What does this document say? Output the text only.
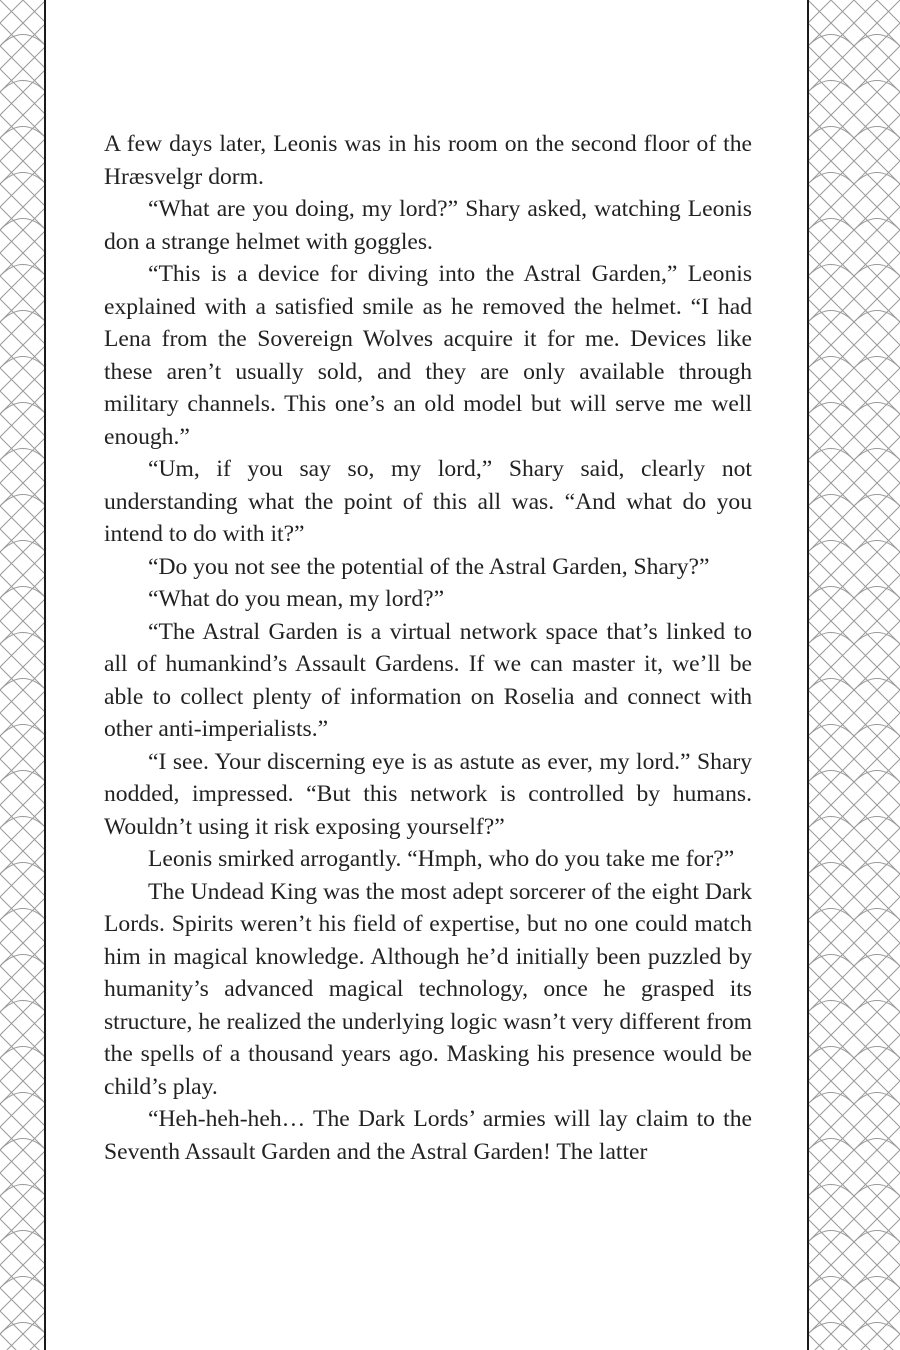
A few days later, Leonis was in his room on the second floor of the Hræsvelgr dorm.

“What are you doing, my lord?” Shary asked, watching Leonis don a strange helmet with goggles.

“This is a device for diving into the Astral Garden,” Leonis explained with a satisfied smile as he removed the helmet. “I had Lena from the Sovereign Wolves acquire it for me. Devices like these aren’t usually sold, and they are only available through military channels. This one’s an old model but will serve me well enough.”

“Um, if you say so, my lord,” Shary said, clearly not understanding what the point of this all was. “And what do you intend to do with it?”

“Do you not see the potential of the Astral Garden, Shary?”

“What do you mean, my lord?”

“The Astral Garden is a virtual network space that’s linked to all of humankind’s Assault Gardens. If we can master it, we’ll be able to collect plenty of information on Roselia and connect with other anti-imperialists.”

“I see. Your discerning eye is as astute as ever, my lord.” Shary nodded, impressed. “But this network is controlled by humans. Wouldn’t using it risk exposing yourself?”

Leonis smirked arrogantly. “Hmph, who do you take me for?”

The Undead King was the most adept sorcerer of the eight Dark Lords. Spirits weren’t his field of expertise, but no one could match him in magical knowledge. Although he’d initially been puzzled by humanity’s advanced magical technology, once he grasped its structure, he realized the underlying logic wasn’t very different from the spells of a thousand years ago. Masking his presence would be child’s play.

“Heh-heh-heh… The Dark Lords’ armies will lay claim to the Seventh Assault Garden and the Astral Garden! The latter
